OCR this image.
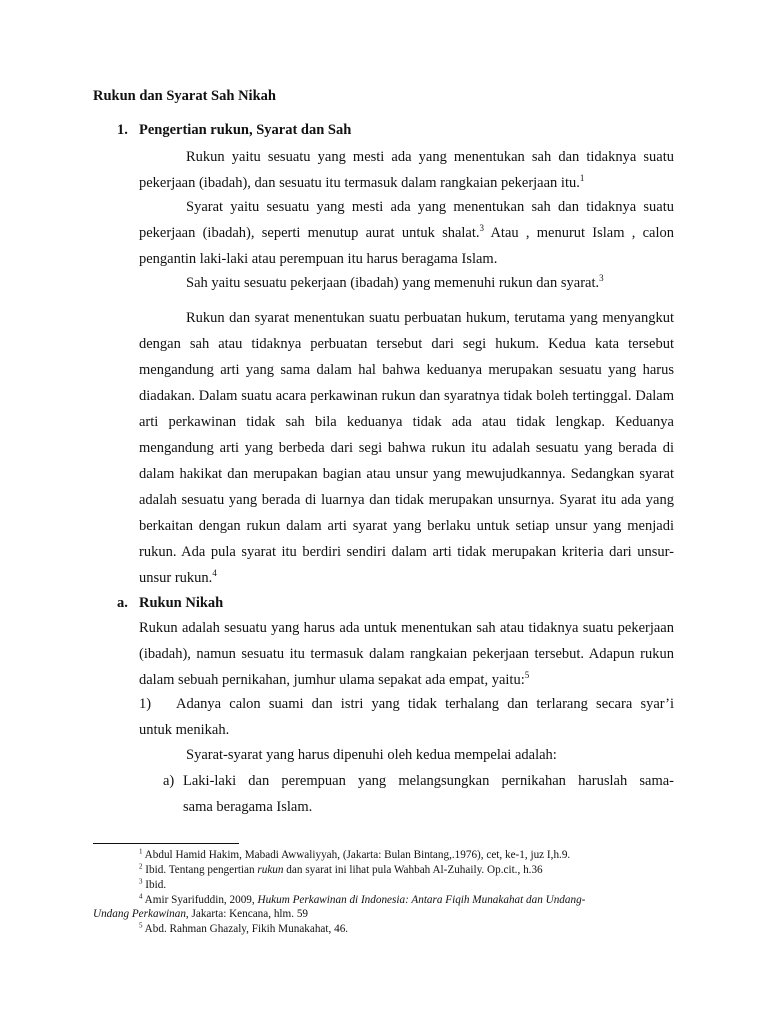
Rukun dan Syarat Sah Nikah
1. Pengertian rukun, Syarat dan Sah

Rukun yaitu sesuatu yang mesti ada yang menentukan sah dan tidaknya suatu pekerjaan (ibadah), dan sesuatu itu termasuk dalam rangkaian pekerjaan itu.$^1$

Syarat yaitu sesuatu yang mesti ada yang menentukan sah dan tidaknya suatu pekerjaan (ibadah), seperti menutup aurat untuk shalat.$^3$ Atau , menurut Islam , calon pengantin laki-laki atau perempuan itu harus beragama Islam.

Sah yaitu sesuatu pekerjaan (ibadah) yang memenuhi rukun dan syarat.$^3$

Rukun dan syarat menentukan suatu perbuatan hukum, terutama yang menyangkut dengan sah atau tidaknya perbuatan tersebut dari segi hukum. Kedua kata tersebut mengandung arti yang sama dalam hal bahwa keduanya merupakan sesuatu yang harus diadakan. Dalam suatu acara perkawinan rukun dan syaratnya tidak boleh tertinggal. Dalam arti perkawinan tidak sah bila keduanya tidak ada atau tidak lengkap. Keduanya mengandung arti yang berbeda dari segi bahwa rukun itu adalah sesuatu yang berada di dalam hakikat dan merupakan bagian atau unsur yang mewujudkannya. Sedangkan syarat adalah sesuatu yang berada di luarnya dan tidak merupakan unsurnya. Syarat itu ada yang berkaitan dengan rukun dalam arti syarat yang berlaku untuk setiap unsur yang menjadi rukun. Ada pula syarat itu berdiri sendiri dalam arti tidak merupakan kriteria dari unsur-unsur rukun.$^4$

a. Rukun Nikah

Rukun adalah sesuatu yang harus ada untuk menentukan sah atau tidaknya suatu pekerjaan (ibadah), namun sesuatu itu termasuk dalam rangkaian pekerjaan tersebut. Adapun rukun dalam sebuah pernikahan, jumhur ulama sepakat ada empat, yaitu:$^5$

1) Adanya calon suami dan istri yang tidak terhalang dan terlarang secara syar’i
untuk menikah.
Syarat-syarat yang harus dipenuhi oleh kedua mempelai adalah:
a) Laki-laki dan perempuan yang melangsungkan pernikahan haruslah sama-
sama beragama Islam.
$^1$ Abdul Hamid Hakim, Mabadi Awwaliyyah, (Jakarta: Bulan Bintang,.1976), cet, ke-1, juz I,h.9.
$^2$ Ibid. Tentang pengertian rukun dan syarat ini lihat pula Wahbah Al-Zuhaily. Op.cit., h.36
$^3$ Ibid.
$^4$ Amir Syarifuddin, 2009, Hukum Perkawinan di Indonesia: Antara Fiqih Munakahat dan Undang-
Undang Perkawinan, Jakarta: Kencana, hlm. 59
$^5$ Abd. Rahman Ghazaly, Fikih Munakahat, 46.
